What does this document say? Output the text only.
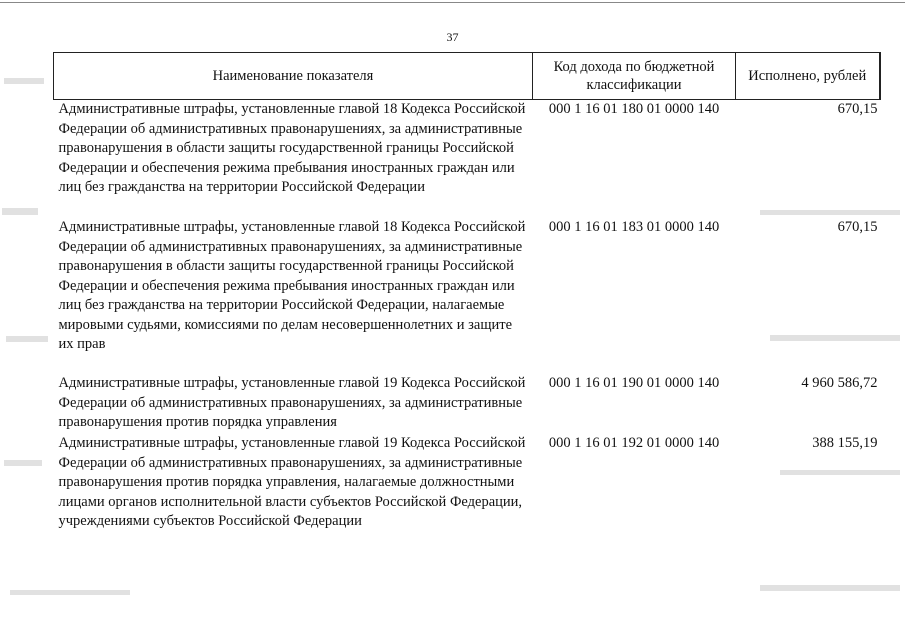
37
Наименование показателя	Код дохода по бюджетной классификации	Исполнено, рублей
Административные штрафы, установленные главой 18 Кодекса Российской Федерации об административных правонарушениях, за административные правонарушения в области защиты государственной границы Российской Федерации и обеспечения режима пребывания иностранных граждан или лиц без гражданства на территории Российской Федерации	000 1 16 01 180 01 0000 140	670,15
Административные штрафы, установленные главой 18 Кодекса Российской Федерации об административных правонарушениях, за административные правонарушения в области защиты государственной границы Российской Федерации и обеспечения режима пребывания иностранных граждан или лиц без гражданства на территории Российской Федерации, налагаемые мировыми судьями, комиссиями по делам несовершеннолетних и защите их прав	000 1 16 01 183 01 0000 140	670,15
Административные штрафы, установленные главой 19 Кодекса Российской Федерации об административных правонарушениях, за административные правонарушения против порядка управления	000 1 16 01 190 01 0000 140	4 960 586,72
Административные штрафы, установленные главой 19 Кодекса Российской Федерации об административных правонарушениях, за административные правонарушения против порядка управления, налагаемые должностными лицами органов исполнительной власти субъектов Российской Федерации, учреждениями субъектов Российской Федерации	000 1 16 01 192 01 0000 140	388 155,19
